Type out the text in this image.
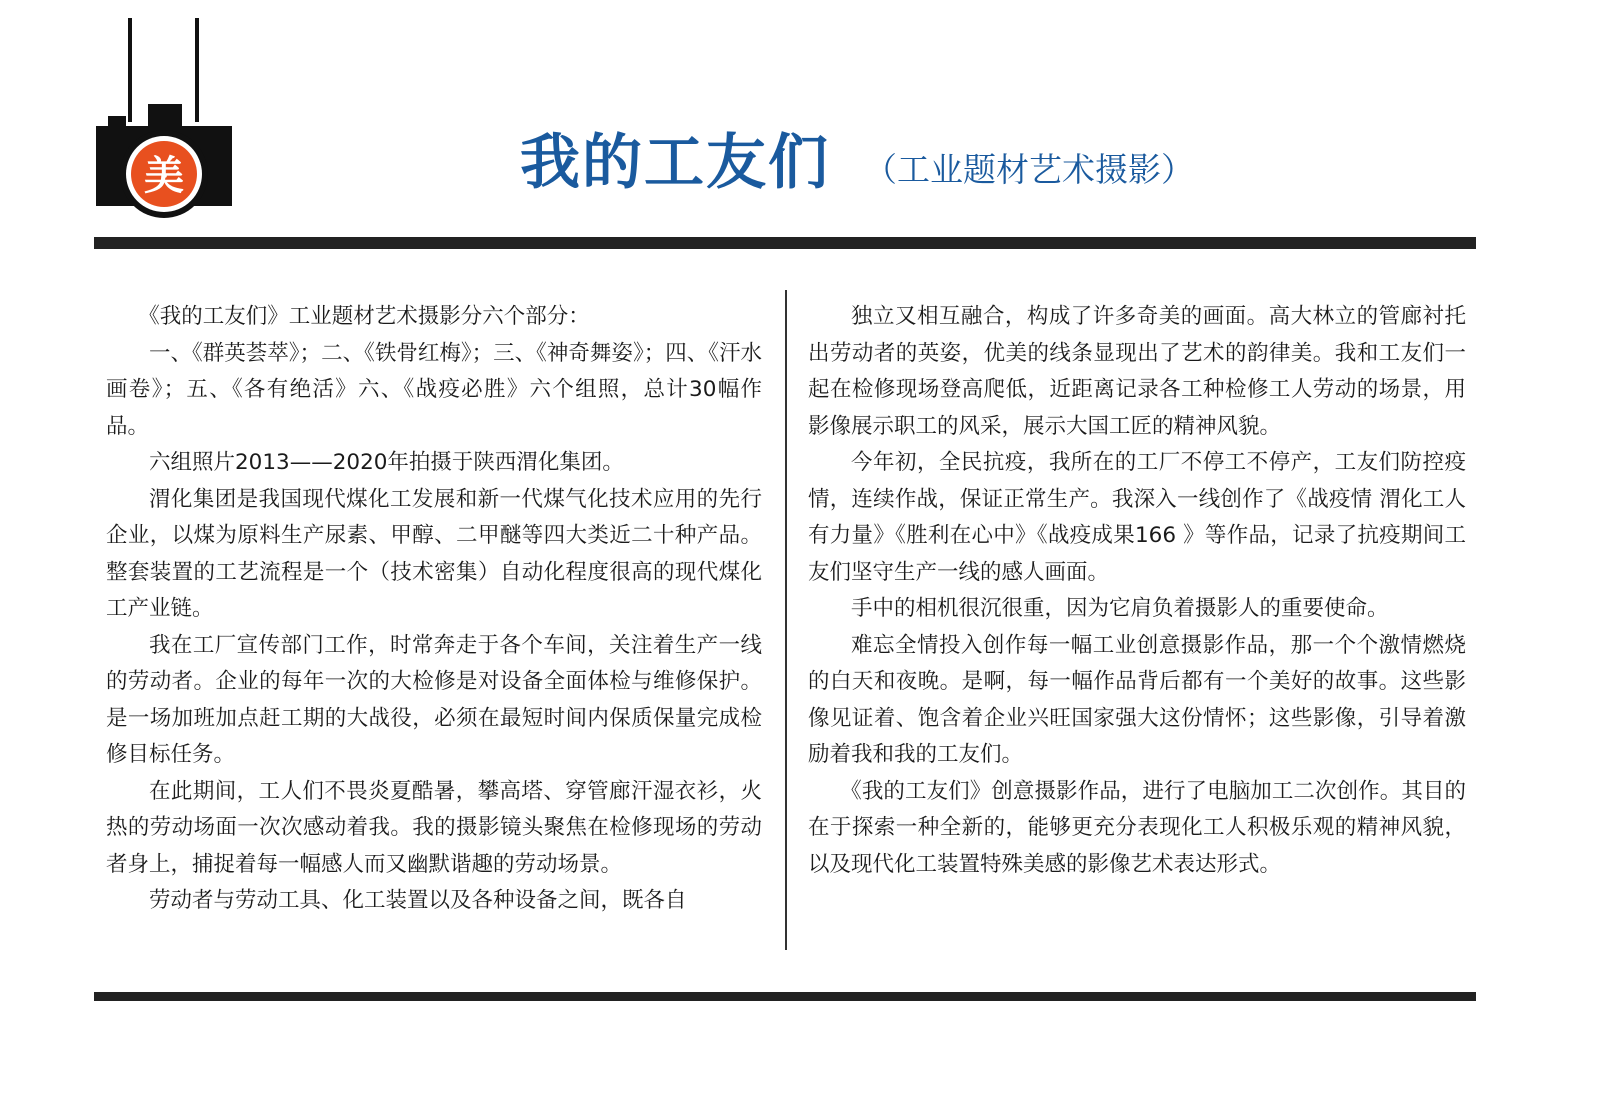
美	我的工友们 （工业题材艺术摄影）

《我的工友们》工业题材艺术摄影分六个部分：

一、《群英荟萃》；二、《铁骨红梅》；三、《神奇舞姿》；四、《汗水画卷》；五、《各有绝活》六、《战疫必胜》六个组照，总计30幅作品。

六组照片2013——2020年拍摄于陕西渭化集团。

渭化集团是我国现代煤化工发展和新一代煤气化技术应用的先行企业，以煤为原料生产尿素、甲醇、二甲醚等四大类近二十种产品。整套装置的工艺流程是一个（技术密集）自动化程度很高的现代煤化工产业链。

我在工厂宣传部门工作，时常奔走于各个车间，关注着生产一线的劳动者。企业的每年一次的大检修是对设备全面体检与维修保护。是一场加班加点赶工期的大战役，必须在最短时间内保质保量完成检修目标任务。

在此期间，工人们不畏炎夏酷暑，攀高塔、穿管廊汗湿衣衫，火热的劳动场面一次次感动着我。我的摄影镜头聚焦在检修现场的劳动者身上，捕捉着每一幅感人而又幽默谐趣的劳动场景。

劳动者与劳动工具、化工装置以及各种设备之间，既各自

独立又相互融合，构成了许多奇美的画面。高大林立的管廊衬托出劳动者的英姿，优美的线条显现出了艺术的韵律美。我和工友们一起在检修现场登高爬低，近距离记录各工种检修工人劳动的场景，用影像展示职工的风采，展示大国工匠的精神风貌。

今年初，全民抗疫，我所在的工厂不停工不停产，工友们防控疫情，连续作战，保证正常生产。我深入一线创作了《战疫情 渭化工人有力量》《胜利在心中》《战疫成果166 》等作品，记录了抗疫期间工友们坚守生产一线的感人画面。

手中的相机很沉很重，因为它肩负着摄影人的重要使命。

难忘全情投入创作每一幅工业创意摄影作品，那一个个激情燃烧的白天和夜晚。是啊，每一幅作品背后都有一个美好的故事。这些影像见证着、饱含着企业兴旺国家强大这份情怀；这些影像，引导着激励着我和我的工友们。

《我的工友们》创意摄影作品，进行了电脑加工二次创作。其目的在于探索一种全新的，能够更充分表现化工人积极乐观的精神风貌，以及现代化工装置特殊美感的影像艺术表达形式。
